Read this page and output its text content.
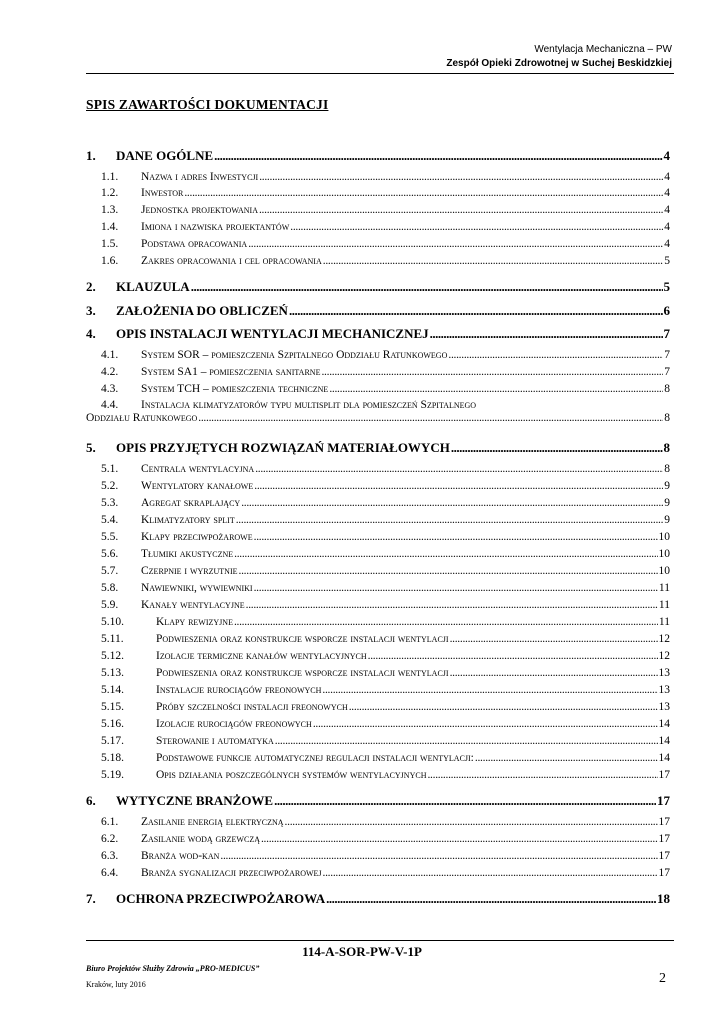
Wentylacja Mechaniczna – PW
Zespół Opieki Zdrowotnej w Suchej Beskidzkiej
SPIS ZAWARTOŚCI DOKUMENTACJI
1.	DANE OGÓLNE .....	4
1.1.	Nazwa i adres Inwestycji .....	4
1.2.	Inwestor .....	4
1.3.	Jednostka projektowania .....	4
1.4.	Imiona i nazwiska projektantów .....	4
1.5.	Podstawa opracowania .....	4
1.6.	Zakres opracowania i cel opracowania .....	5
2.	KLAUZULA .....	5
3.	ZAŁOŻENIA DO OBLICZEŃ .....	6
4.	OPIS INSTALACJI WENTYLACJI MECHANICZNEJ .....	7
4.1.	System SOR – pomieszczenia Szpitalnego Oddziału Ratunkowego .....	7
4.2.	System SA1 – pomieszczenia sanitarne .....	7
4.3.	System TCH – pomieszczenia techniczne .....	8
4.4.	Instalacja klimatyzatorów typu multisplit dla pomieszczeń Szpitalnego
Oddziału Ratunkowego .....	8
5.	OPIS PRZYJĘTYCH ROZWIĄZAŃ MATERIAŁOWYCH .....	8
5.1.	Centrala wentylacyjna .....	8
5.2.	Wentylatory kanałowe .....	9
5.3.	Agregat skraplający .....	9
5.4.	Klimatyzatory split .....	9
5.5.	Klapy przeciwpożarowe .....	10
5.6.	Tłumiki akustyczne .....	10
5.7.	Czerpnie i wyrzutnie .....	10
5.8.	Nawiewniki, wywiewniki .....	11
5.9.	Kanały wentylacyjne .....	11
5.10.	Klapy rewizyjne .....	11
5.11.	Podwieszenia oraz konstrukcje wsporcze instalacji wentylacji .....	12
5.12.	Izolacje termiczne kanałów wentylacyjnych .....	12
5.13.	Podwieszenia oraz konstrukcje wsporcze instalacji wentylacji .....	13
5.14.	Instalacje rurociągów freonowych .....	13
5.15.	Próby szczelności instalacji freonowych .....	13
5.16.	Izolacje rurociągów freonowych .....	14
5.17.	Sterowanie i automatyka .....	14
5.18.	Podstawowe funkcje automatycznej regulacji instalacji wentylacji: .....	14
5.19.	Opis działania poszczególnych systemów wentylacyjnych .....	17
6.	WYTYCZNE BRANŻOWE .....	17
6.1.	Zasilanie energią elektryczną .....	17
6.2.	Zasilanie wodą grzewczą .....	17
6.3.	Branża wod-kan .....	17
6.4.	Branża sygnalizacji przeciwpożarowej .....	17
7.	OCHRONA PRZECIWPOŻAROWA .....	18
114-A-SOR-PW-V-1P
Biuro Projektów Służby Zdrowia „PRO-MEDICUS”
Kraków, luty 2016	2
